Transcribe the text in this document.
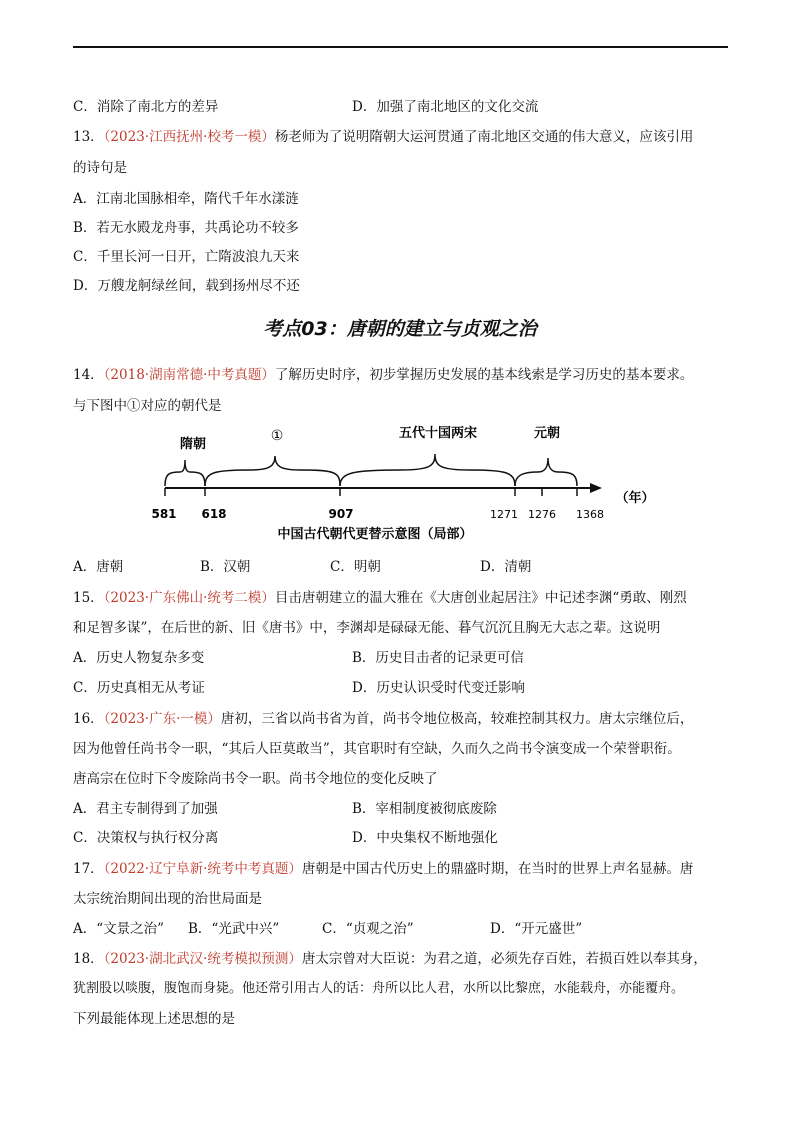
C．消除了南北方的差异	D．加强了南北地区的文化交流
13．（2023·江西抚州·校考一模）杨老师为了说明隋朝大运河贯通了南北地区交通的伟大意义，应该引用
的诗句是
A．江南北国脉相牵，隋代千年水漾涟
B．若无水殿龙舟事，共禹论功不较多
C．千里长河一日开，亡隋波浪九天来
D．万艘龙舸绿丝间，载到扬州尽不还
考点03：唐朝的建立与贞观之治
14．（2018·湖南常德·中考真题）了解历史时序，初步掌握历史发展的基本线索是学习历史的基本要求。
与下图中①对应的朝代是
隋朝
①	五代十国两宋	元朝
581 618	907	1271 1276 1368
（年）
中国古代朝代更替示意图（局部）
A．唐朝	B．汉朝	C．明朝	D．清朝
15．（2023·广东佛山·统考二模）目击唐朝建立的温大雅在《大唐创业起居注》中记述李渊“勇敢、刚烈
和足智多谋”，在后世的新、旧《唐书》中，李渊却是碌碌无能、暮气沉沉且胸无大志之辈。这说明
A．历史人物复杂多变	B．历史目击者的记录更可信
C．历史真相无从考证	D．历史认识受时代变迁影响
16．（2023·广东·一模）唐初，三省以尚书省为首，尚书令地位极高，较难控制其权力。唐太宗继位后，
因为他曾任尚书令一职，“其后人臣莫敢当”，其官职时有空缺，久而久之尚书令演变成一个荣誉职衔。
唐高宗在位时下令废除尚书令一职。尚书令地位的变化反映了
A．君主专制得到了加强	B．宰相制度被彻底废除
C．决策权与执行权分离	D．中央集权不断地强化
17．（2022·辽宁阜新·统考中考真题）唐朝是中国古代历史上的鼎盛时期，在当时的世界上声名显赫。唐
太宗统治期间出现的治世局面是
A．“文景之治” B．“光武中兴”	C．“贞观之治”	D．“开元盛世”
18．（2023·湖北武汉·统考模拟预测）唐太宗曾对大臣说：为君之道，必须先存百姓，若损百姓以奉其身，
犹割股以啖腹，腹饱而身毙。他还常引用古人的话：舟所以比人君，水所以比黎庶，水能载舟，亦能覆舟。
下列最能体现上述思想的是
